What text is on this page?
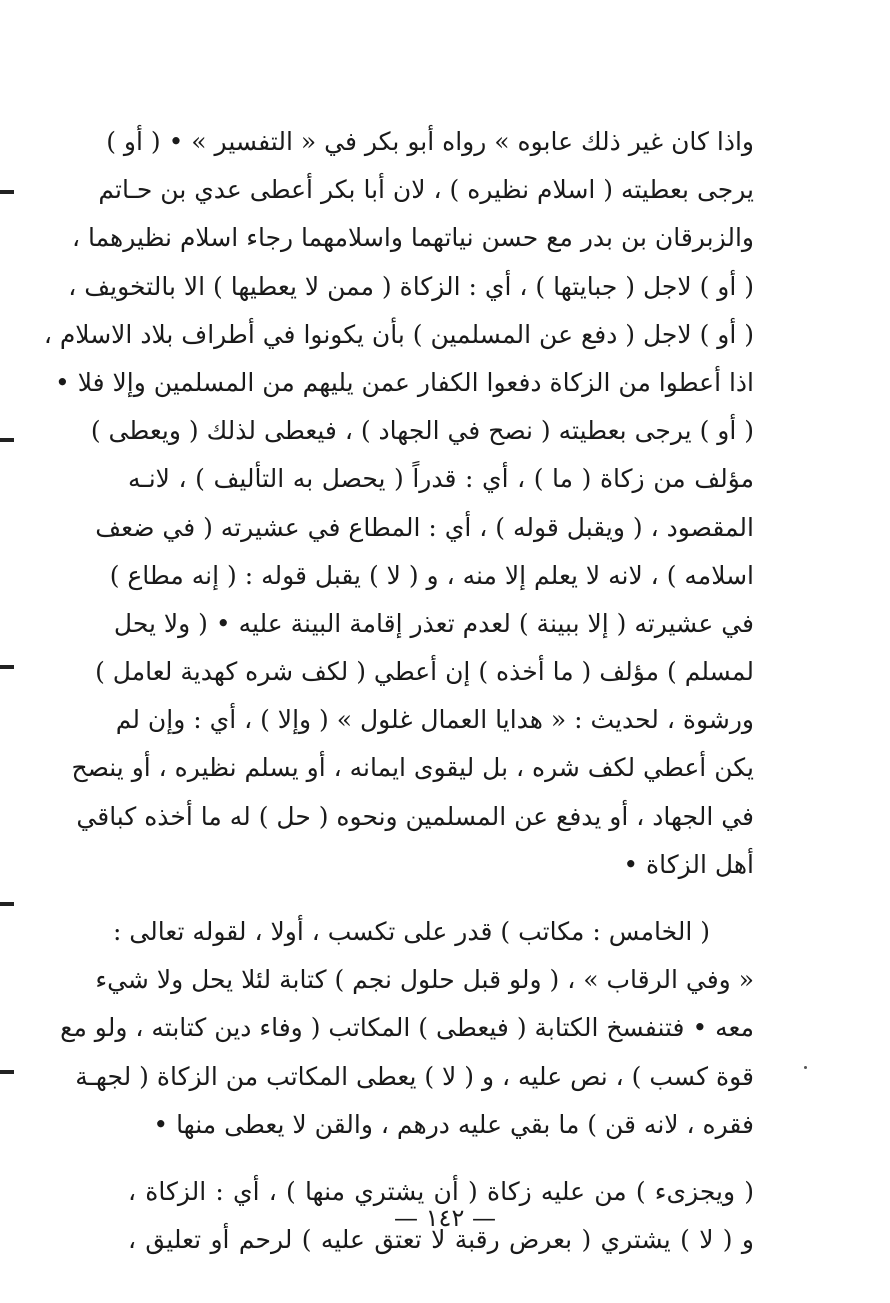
واذا كان غير ذلك عابوه » رواه أبو بكر في « التفسير » • ( أو )
يرجى بعطيته ( اسلام نظيره ) ، لان أبا بكر أعطى عدي بن حـاتم
والزبرقان بن بدر مع حسن نياتهما واسلامهما رجاء اسلام نظيرهما ،
( أو ) لاجل ( جبايتها ) ، أي : الزكاة ( ممن لا يعطيها ) الا بالتخويف ،
( أو ) لاجل ( دفع عن المسلمين ) بأن يكونوا في أطراف بلاد الاسلام ،
اذا أعطوا من الزكاة دفعوا الكفار عمن يليهم من المسلمين وإلا فلا •
( أو ) يرجى بعطيته ( نصح في الجهاد ) ، فيعطى لذلك ( ويعطى )
مؤلف من زكاة ( ما ) ، أي : قدراً ( يحصل به التأليف ) ، لانـه
المقصود ، ( ويقبل قوله ) ، أي : المطاع في عشيرته ( في ضعف
اسلامه ) ، لانه لا يعلم إلا منه ، و ( لا ) يقبل قوله : ( إنه مطاع )
في عشيرته ( إلا ببينة ) لعدم تعذر إقامة البينة عليه • ( ولا يحل
لمسلم ) مؤلف ( ما أخذه ) إن أعطي ( لكف شره كهدية لعامل )
ورشوة ، لحديث : « هدايا العمال غلول » ( وإلا ) ، أي : وإن لم
يكن أعطي لكف شره ، بل ليقوى ايمانه ، أو يسلم نظيره ، أو ينصح
في الجهاد ، أو يدفع عن المسلمين ونحوه ( حل ) له ما أخذه كباقي
أهل الزكاة •
( الخامس : مكاتب ) قدر على تكسب ، أولا ، لقوله تعالى :
« وفي الرقاب » ، ( ولو قبل حلول نجم ) كتابة لئلا يحل ولا شيء
معه • فتنفسخ الكتابة ( فيعطى ) المكاتب ( وفاء دين كتابته ، ولو مع
قوة كسب ) ، نص عليه ، و ( لا ) يعطى المكاتب من الزكاة ( لجهـة
فقره ، لانه قن ) ما بقي عليه درهم ، والقن لا يعطى منها •
( ويجزىء ) من عليه زكاة ( أن يشتري منها ) ، أي : الزكاة ،
و ( لا ) يشتري ( بعرض رقبة لا تعتق عليه ) لرحم أو تعليق ،
— ١٤٢ —
